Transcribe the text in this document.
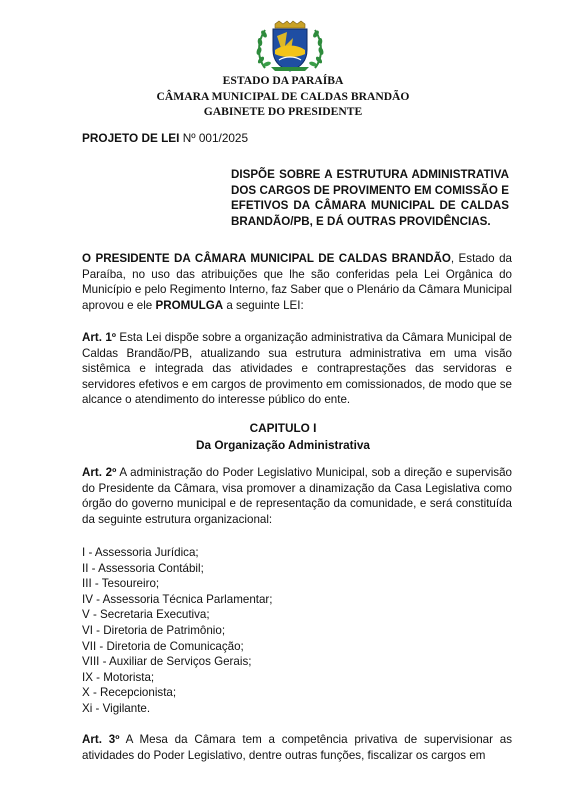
ESTADO DA PARAÍBA
CÂMARA MUNICIPAL DE CALDAS BRANDÃO
GABINETE DO PRESIDENTE
PROJETO DE LEI Nº 001/2025
DISPÕE SOBRE A ESTRUTURA ADMINISTRATIVA DOS CARGOS DE PROVIMENTO EM COMISSÃO E EFETIVOS DA CÂMARA MUNICIPAL DE CALDAS BRANDÃO/PB, E DÁ OUTRAS PROVIDÊNCIAS.
O PRESIDENTE DA CÂMARA MUNICIPAL DE CALDAS BRANDÃO, Estado da Paraíba, no uso das atribuições que lhe são conferidas pela Lei Orgânica do Município e pelo Regimento Interno, faz Saber que o Plenário da Câmara Municipal aprovou e ele PROMULGA a seguinte LEI:
Art. 1º Esta Lei dispõe sobre a organização administrativa da Câmara Municipal de Caldas Brandão/PB, atualizando sua estrutura administrativa em uma visão sistêmica e integrada das atividades e contraprestações das servidoras e servidores efetivos e em cargos de provimento em comissionados, de modo que se alcance o atendimento do interesse público do ente.
CAPITULO I
Da Organização Administrativa
Art. 2º A administração do Poder Legislativo Municipal, sob a direção e supervisão do Presidente da Câmara, visa promover a dinamização da Casa Legislativa como órgão do governo municipal e de representação da comunidade, e será constituída da seguinte estrutura organizacional:
I - Assessoria Jurídica;
II - Assessoria Contábil;
III - Tesoureiro;
IV - Assessoria Técnica Parlamentar;
V - Secretaria Executiva;
VI - Diretoria de Patrimônio;
VII - Diretoria de Comunicação;
VIII - Auxiliar de Serviços Gerais;
IX - Motorista;
X - Recepcionista;
Xi - Vigilante.
Art. 3º A Mesa da Câmara tem a competência privativa de supervisionar as atividades do Poder Legislativo, dentre outras funções, fiscalizar os cargos em
